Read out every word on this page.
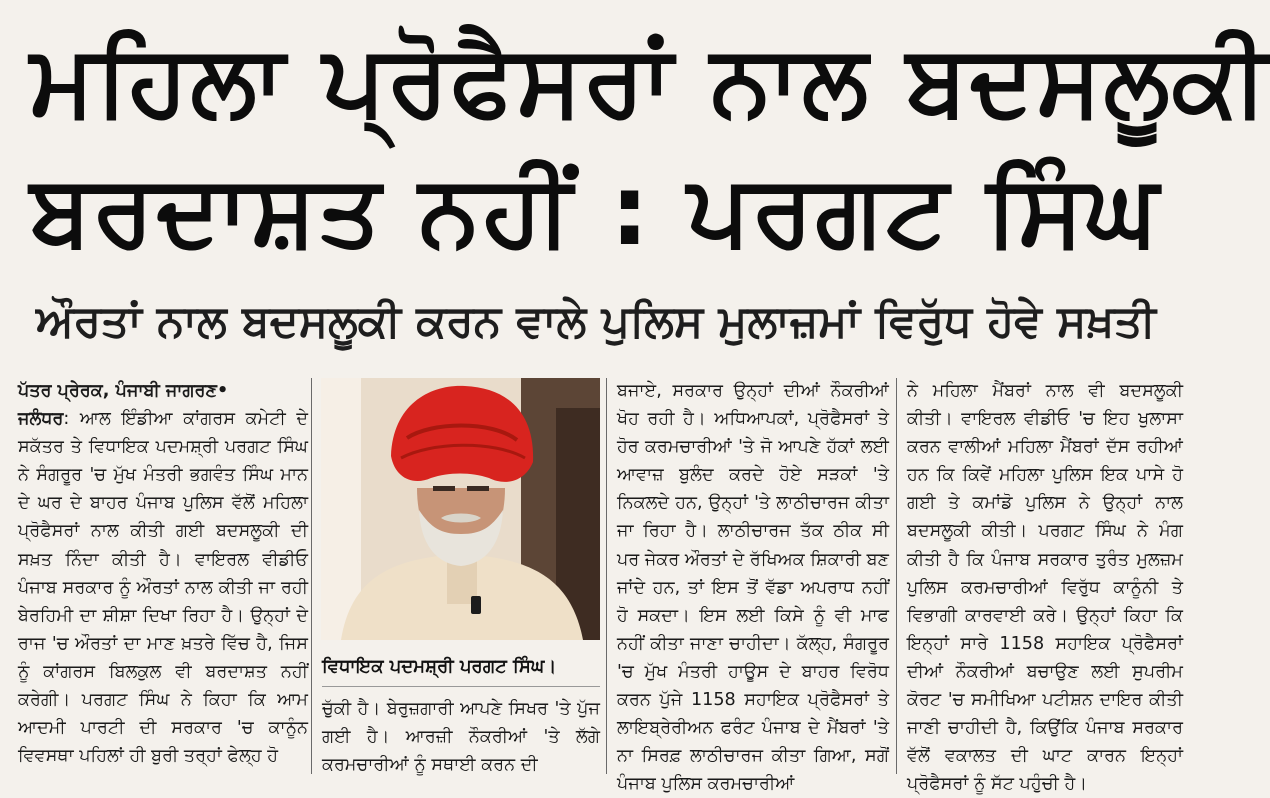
ਮਹਿਲਾ ਪ੍ਰੋਫੈਸਰਾਂ ਨਾਲ ਬਦਸਲੂਕੀ
ਬਰਦਾਸ਼ਤ ਨਹੀਂ : ਪਰਗਟ ਸਿੰਘ
ਔਰਤਾਂ ਨਾਲ ਬਦਸਲੂਕੀ ਕਰਨ ਵਾਲੇ ਪੁਲਿਸ ਮੁਲਾਜ਼ਮਾਂ ਵਿਰੁੱਧ ਹੋਵੇ ਸਖ਼ਤੀ

ਪੱਤਰ ਪ੍ਰੇਰਕ, ਪੰਜਾਬੀ ਜਾਗਰਣ•

ਜਲੰਧਰ: ਆਲ ਇੰਡੀਆ ਕਾਂਗਰਸ ਕਮੇਟੀ ਦੇ ਸਕੱਤਰ ਤੇ ਵਿਧਾਇਕ ਪਦਮਸ਼੍ਰੀ ਪਰਗਟ ਸਿੰਘ ਨੇ ਸੰਗਰੂਰ 'ਚ ਮੁੱਖ ਮੰਤਰੀ ਭਗਵੰਤ ਸਿੰਘ ਮਾਨ ਦੇ ਘਰ ਦੇ ਬਾਹਰ ਪੰਜਾਬ ਪੁਲਿਸ ਵੱਲੋਂ ਮਹਿਲਾ ਪ੍ਰੋਫੈਸਰਾਂ ਨਾਲ ਕੀਤੀ ਗਈ ਬਦਸਲੂਕੀ ਦੀ ਸਖ਼ਤ ਨਿੰਦਾ ਕੀਤੀ ਹੈ। ਵਾਇਰਲ ਵੀਡੀਓ ਪੰਜਾਬ ਸਰਕਾਰ ਨੂੰ ਔਰਤਾਂ ਨਾਲ ਕੀਤੀ ਜਾ ਰਹੀ ਬੇਰਹਿਮੀ ਦਾ ਸ਼ੀਸ਼ਾ ਦਿਖਾ ਰਿਹਾ ਹੈ। ਉਨ੍ਹਾਂ ਦੇ ਰਾਜ 'ਚ ਔਰਤਾਂ ਦਾ ਮਾਣ ਖ਼ਤਰੇ ਵਿੱਚ ਹੈ, ਜਿਸ ਨੂੰ ਕਾਂਗਰਸ ਬਿਲਕੁਲ ਵੀ ਬਰਦਾਸ਼ਤ ਨਹੀਂ ਕਰੇਗੀ। ਪਰਗਟ ਸਿੰਘ ਨੇ ਕਿਹਾ ਕਿ ਆਮ ਆਦਮੀ ਪਾਰਟੀ ਦੀ ਸਰਕਾਰ 'ਚ ਕਾਨੂੰਨ ਵਿਵਸਥਾ ਪਹਿਲਾਂ ਹੀ ਬੁਰੀ ਤਰ੍ਹਾਂ ਫੇਲ੍ਹ ਹੋ

ਵਿਧਾਇਕ ਪਦਮਸ਼੍ਰੀ ਪਰਗਟ ਸਿੰਘ।

ਚੁੱਕੀ ਹੈ। ਬੇਰੁਜ਼ਗਾਰੀ ਆਪਣੇ ਸਿਖਰ 'ਤੇ ਪੁੱਜ ਗਈ ਹੈ। ਆਰਜ਼ੀ ਨੌਕਰੀਆਂ 'ਤੇ ਲੱਗੇ ਕਰਮਚਾਰੀਆਂ ਨੂੰ ਸਥਾਈ ਕਰਨ ਦੀ

ਬਜਾਏ, ਸਰਕਾਰ ਉਨ੍ਹਾਂ ਦੀਆਂ ਨੌਕਰੀਆਂ ਖੋਹ ਰਹੀ ਹੈ। ਅਧਿਆਪਕਾਂ, ਪ੍ਰੋਫੈਸਰਾਂ ਤੇ ਹੋਰ ਕਰਮਚਾਰੀਆਂ 'ਤੇ ਜੋ ਆਪਣੇ ਹੱਕਾਂ ਲਈ ਆਵਾਜ਼ ਬੁਲੰਦ ਕਰਦੇ ਹੋਏ ਸੜਕਾਂ 'ਤੇ ਨਿਕਲਦੇ ਹਨ, ਉਨ੍ਹਾਂ 'ਤੇ ਲਾਠੀਚਾਰਜ ਕੀਤਾ ਜਾ ਰਿਹਾ ਹੈ। ਲਾਠੀਚਾਰਜ ਤੱਕ ਠੀਕ ਸੀ ਪਰ ਜੇਕਰ ਔਰਤਾਂ ਦੇ ਰੱਖਿਅਕ ਸ਼ਿਕਾਰੀ ਬਣ ਜਾਂਦੇ ਹਨ, ਤਾਂ ਇਸ ਤੋਂ ਵੱਡਾ ਅਪਰਾਧ ਨਹੀਂ ਹੋ ਸਕਦਾ। ਇਸ ਲਈ ਕਿਸੇ ਨੂੰ ਵੀ ਮਾਫ ਨਹੀਂ ਕੀਤਾ ਜਾਣਾ ਚਾਹੀਦਾ। ਕੱਲ੍ਹ, ਸੰਗਰੂਰ 'ਚ ਮੁੱਖ ਮੰਤਰੀ ਹਾਊਸ ਦੇ ਬਾਹਰ ਵਿਰੋਧ ਕਰਨ ਪੁੱਜੇ 1158 ਸਹਾਇਕ ਪ੍ਰੋਫੈਸਰਾਂ ਤੇ ਲਾਇਬ੍ਰੇਰੀਅਨ ਫਰੰਟ ਪੰਜਾਬ ਦੇ ਮੈਂਬਰਾਂ 'ਤੇ ਨਾ ਸਿਰਫ਼ ਲਾਠੀਚਾਰਜ ਕੀਤਾ ਗਿਆ, ਸਗੋਂ ਪੰਜਾਬ ਪੁਲਿਸ ਕਰਮਚਾਰੀਆਂ

ਨੇ ਮਹਿਲਾ ਮੈਂਬਰਾਂ ਨਾਲ ਵੀ ਬਦਸਲੂਕੀ ਕੀਤੀ। ਵਾਇਰਲ ਵੀਡੀਓ 'ਚ ਇਹ ਖੁਲਾਸਾ ਕਰਨ ਵਾਲੀਆਂ ਮਹਿਲਾ ਮੈਂਬਰਾਂ ਦੱਸ ਰਹੀਆਂ ਹਨ ਕਿ ਕਿਵੇਂ ਮਹਿਲਾ ਪੁਲਿਸ ਇਕ ਪਾਸੇ ਹੋ ਗਈ ਤੇ ਕਮਾਂਡੋ ਪੁਲਿਸ ਨੇ ਉਨ੍ਹਾਂ ਨਾਲ ਬਦਸਲੂਕੀ ਕੀਤੀ। ਪਰਗਟ ਸਿੰਘ ਨੇ ਮੰਗ ਕੀਤੀ ਹੈ ਕਿ ਪੰਜਾਬ ਸਰਕਾਰ ਤੁਰੰਤ ਮੁਲਜ਼ਮ ਪੁਲਿਸ ਕਰਮਚਾਰੀਆਂ ਵਿਰੁੱਧ ਕਾਨੂੰਨੀ ਤੇ ਵਿਭਾਗੀ ਕਾਰਵਾਈ ਕਰੇ। ਉਨ੍ਹਾਂ ਕਿਹਾ ਕਿ ਇਨ੍ਹਾਂ ਸਾਰੇ 1158 ਸਹਾਇਕ ਪ੍ਰੋਫੈਸਰਾਂ ਦੀਆਂ ਨੌਕਰੀਆਂ ਬਚਾਉਣ ਲਈ ਸੁਪਰੀਮ ਕੋਰਟ 'ਚ ਸਮੀਖਿਆ ਪਟੀਸ਼ਨ ਦਾਇਰ ਕੀਤੀ ਜਾਣੀ ਚਾਹੀਦੀ ਹੈ, ਕਿਉਂਕਿ ਪੰਜਾਬ ਸਰਕਾਰ ਵੱਲੋਂ ਵਕਾਲਤ ਦੀ ਘਾਟ ਕਾਰਨ ਇਨ੍ਹਾਂ ਪ੍ਰੋਫੈਸਰਾਂ ਨੂੰ ਸੱਟ ਪਹੁੰਚੀ ਹੈ।
